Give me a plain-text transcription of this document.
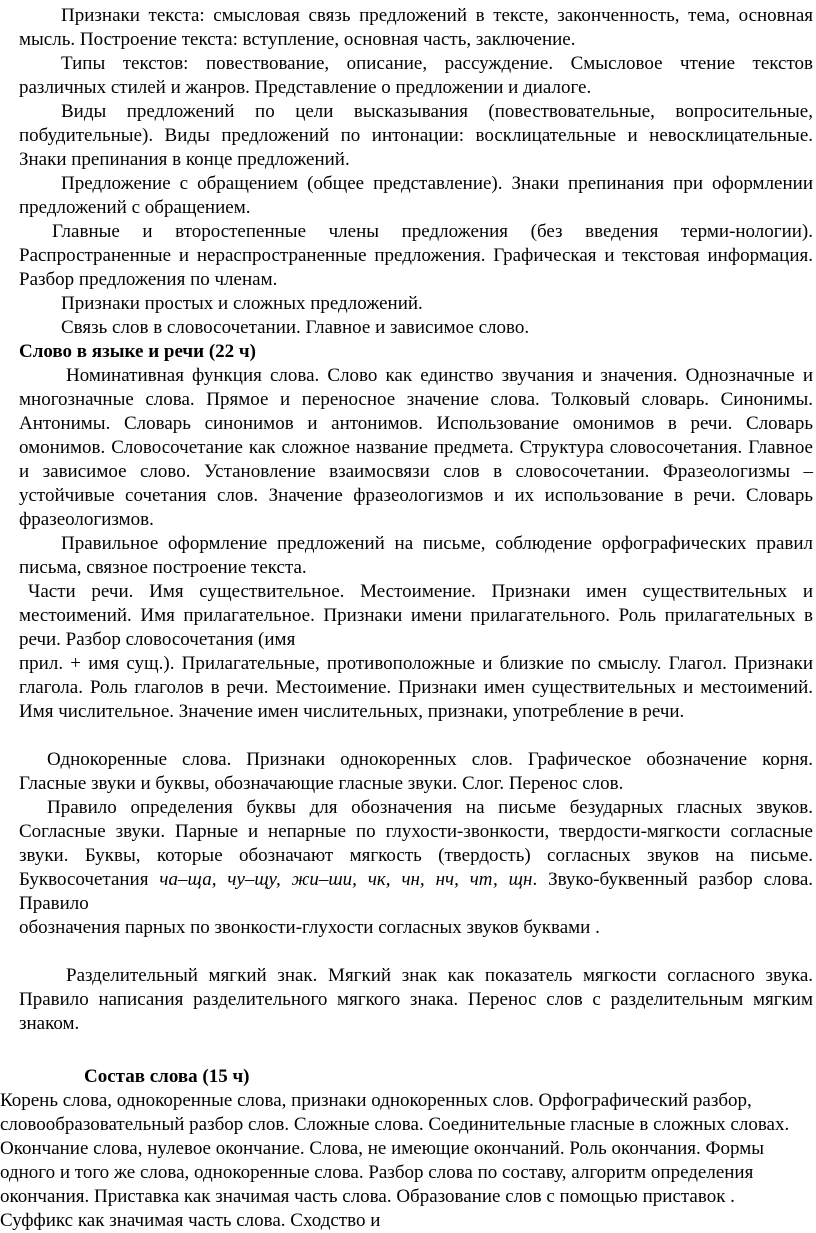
Признаки текста: смысловая связь предложений в тексте, законченность, тема, основная мысль. Построение текста: вступление, основная часть, заключение.

Типы текстов: повествование, описание, рассуждение. Смысловое чтение текстов различных стилей и жанров. Представление о предложении и диалоге.

Виды предложений по цели высказывания (повествовательные, вопросительные, побудительные). Виды предложений по интонации: восклицательные и невосклицательные. Знаки препинания в конце предложений.

Предложение с обращением (общее представление). Знаки препинания при оформлении предложений с обращением.

Главные и второстепенные члены предложения (без введения терми-нологии). Распространенные и нераспространенные предложения. Графическая и текстовая информация. Разбор предложения по членам.

Признаки простых и сложных предложений.

Связь слов в словосочетании. Главное и зависимое слово.

Слово в языке и речи (22 ч)

Номинативная функция слова. Слово как единство звучания и значения. Однозначные и многозначные слова. Прямое и переносное значение слова. Толковый словарь. Синонимы. Антонимы. Словарь синонимов и антонимов. Использование омонимов в речи. Словарь омонимов. Словосочетание как сложное название предмета. Структура словосочетания. Главное и зависимое слово. Установление взаимосвязи слов в словосочетании. Фразеологизмы – устойчивые сочетания слов. Значение фразеологизмов и их использование в речи. Словарь фразеологизмов.

Правильное оформление предложений на письме, соблюдение орфографических правил письма, связное построение текста.

Части речи. Имя существительное. Местоимение. Признаки имен существительных и местоимений. Имя прилагательное. Признаки имени прилагательного. Роль прилагательных в речи. Разбор словосочетания (имя

прил. + имя сущ.). Прилагательные, противоположные и близкие по смыслу. Глагол. Признаки глагола. Роль глаголов в речи. Местоимение. Признаки имен существительных и местоимений. Имя числительное. Значение имен числительных, признаки, употребление в речи.

Однокоренные слова. Признаки однокоренных слов. Графическое обозначение корня. Гласные звуки и буквы, обозначающие гласные звуки. Слог. Перенос слов.

Правило определения буквы для обозначения на письме безударных гласных звуков. Согласные звуки. Парные и непарные по глухости-звонкости, твердости-мягкости согласные звуки. Буквы, которые обозначают мягкость (твердость) согласных звуков на письме. Буквосочетания ча–ща, чу–щу, жи–ши, чк, чн, нч, чт, щн. Звуко-буквенный разбор слова. Правило

обозначения парных по звонкости-глухости согласных звуков буквами .

Разделительный мягкий знак. Мягкий знак как показатель мягкости согласного звука. Правило написания разделительного мягкого знака. Перенос слов с разделительным мягким знаком.

Состав слова (15 ч)

Корень слова, однокоренные слова, признаки однокоренных слов. Орфографический разбор, словообразовательный разбор слов. Сложные слова. Соединительные гласные в сложных словах. Окончание слова, нулевое окончание. Слова, не имеющие окончаний. Роль окончания. Формы одного и того же слова, однокоренные слова. Разбор слова по составу, алгоритм определения окончания. Приставка как значимая часть слова. Образование слов с помощью приставок . Суффикс как значимая часть слова. Сходство и
